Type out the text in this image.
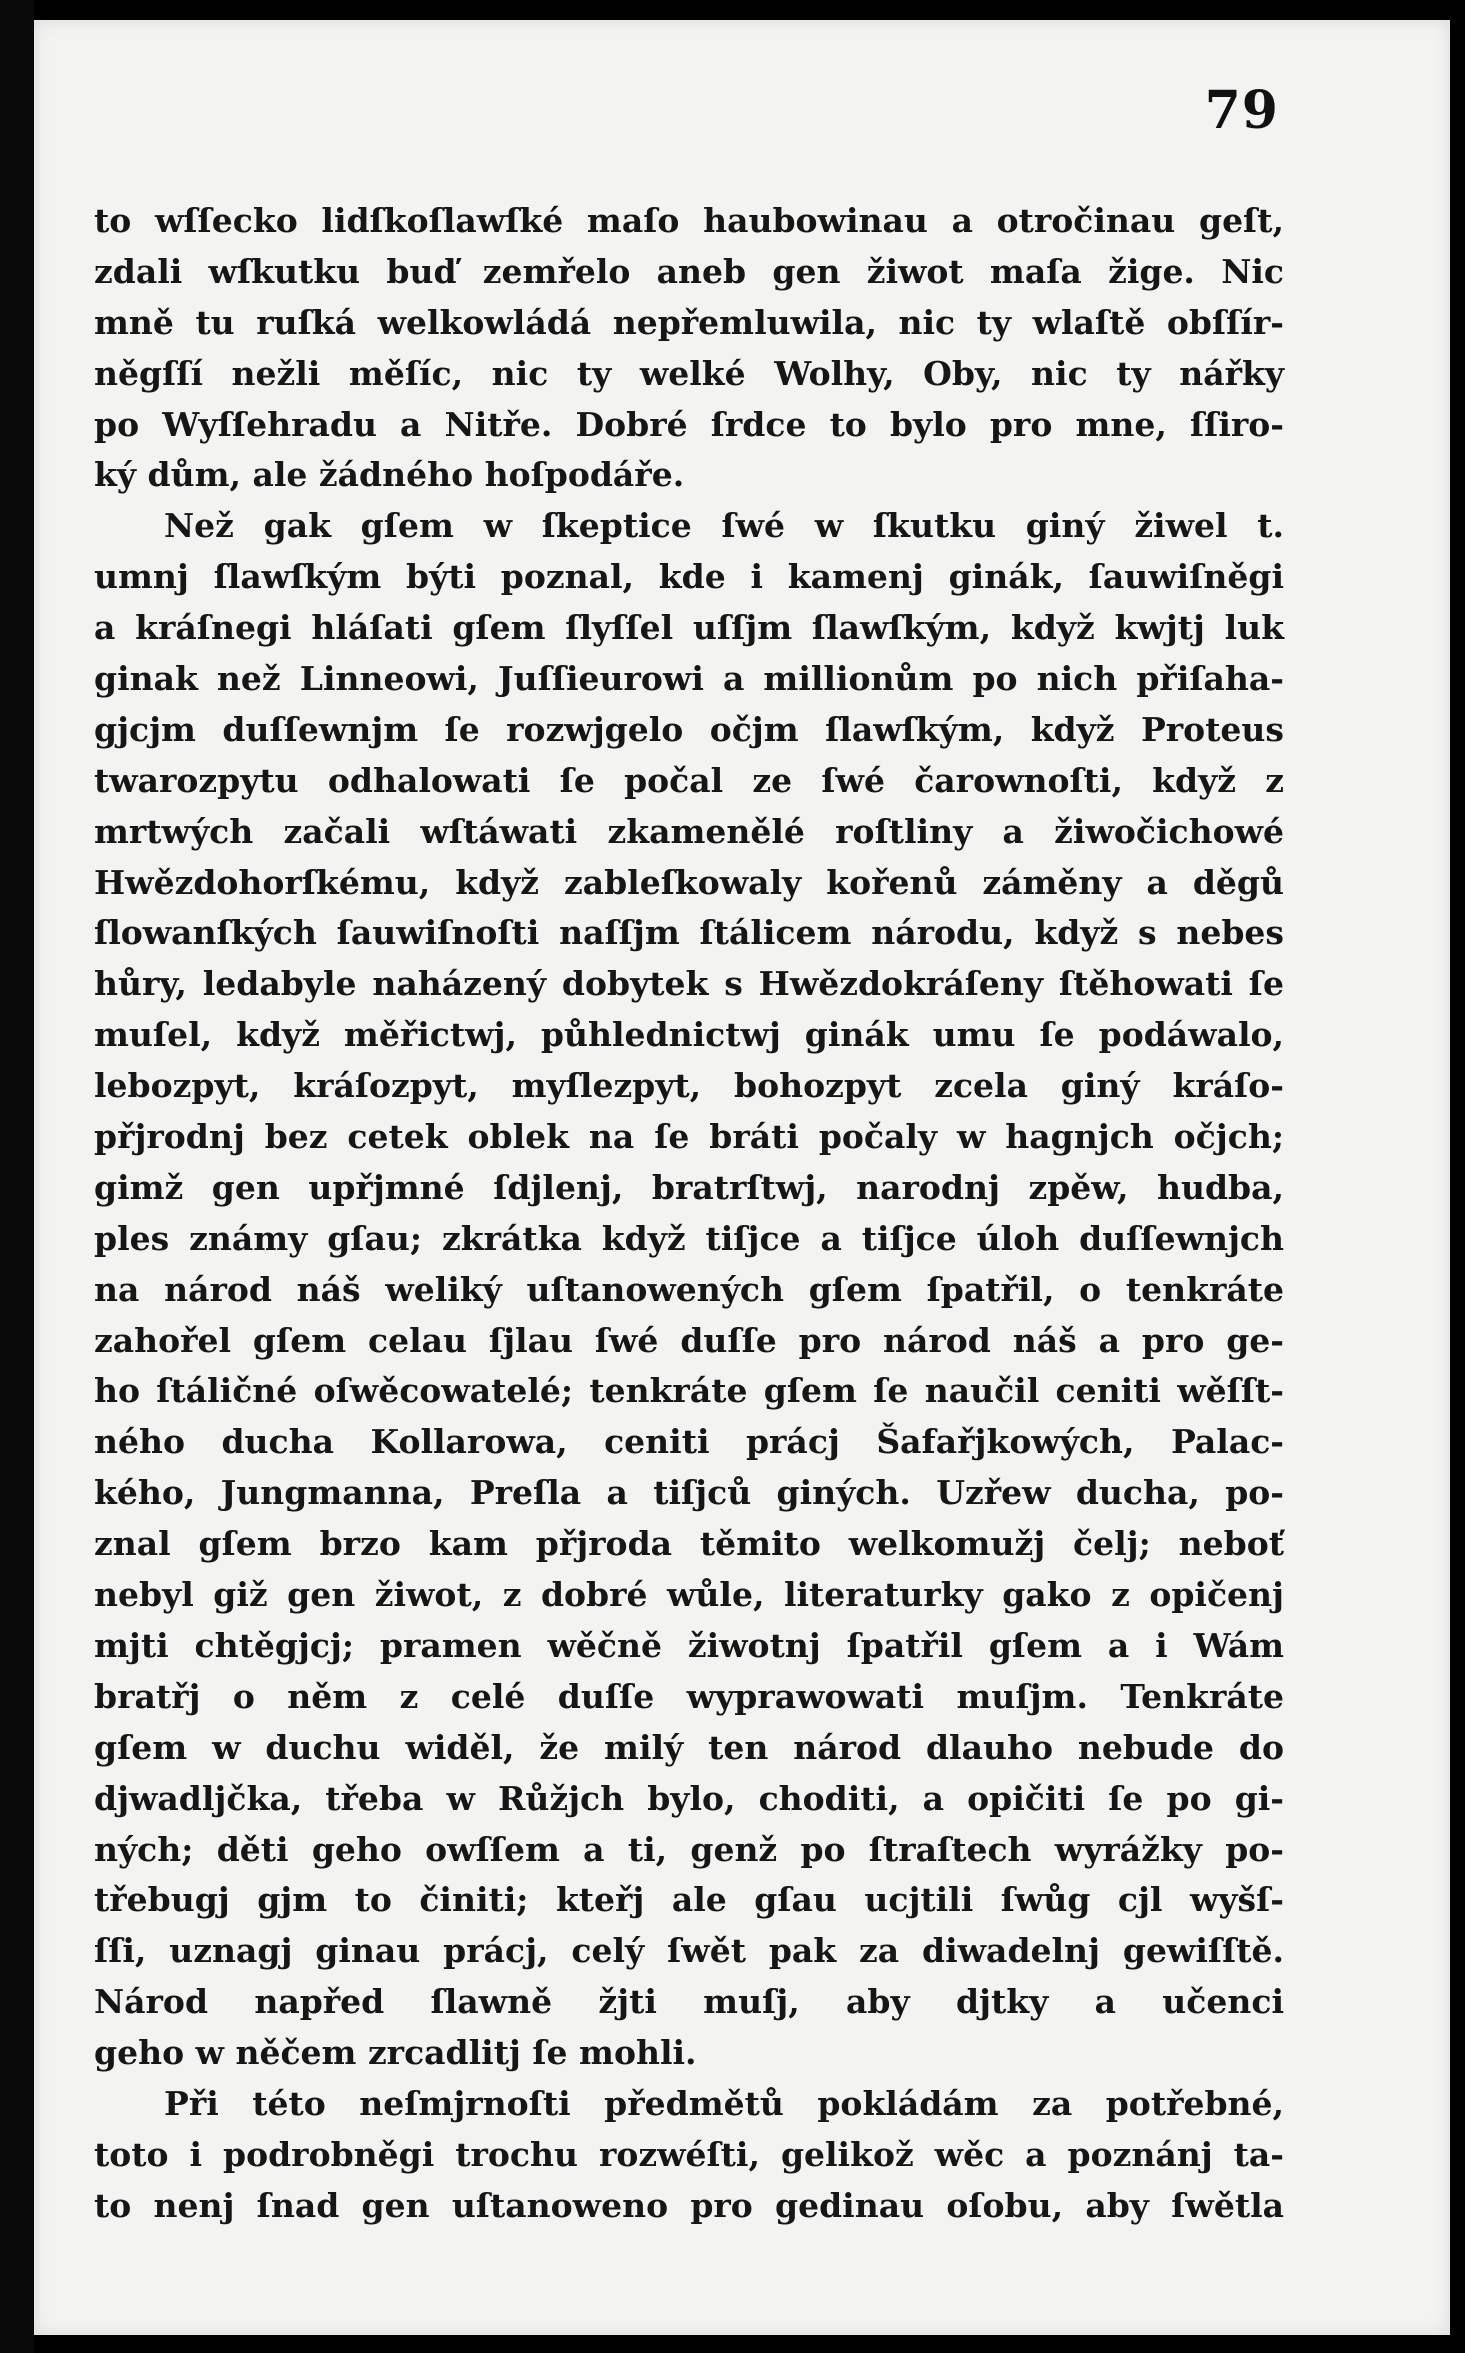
79
to wſſecko lidſkoſlawſké maſo haubowinau a otročinau geſt,
zdali wſkutku buď zemřelo aneb gen žiwot maſa žige. Nic
mně tu ruſká welkowládá nepřemluwila, nic ty wlaſtě obſſír-
něgſſí nežli měſíc, nic ty welké Wolhy, Oby, nic ty nářky
po Wyſſehradu a Nitře. Dobré ſrdce to bylo pro mne, ſſiro-
ký dům, ale žádného hoſpodáře.
Než gak gſem w ſkeptice ſwé w ſkutku giný žiwel t.
umnj ſlawſkým býti poznal, kde i kamenj ginák, ſauwiſněgi
a kráſnegi hláſati gſem ſlyſſel uſſjm ſlawſkým, když kwjtj luk
ginak než Linneowi, Juſſieurowi a millionům po nich přiſaha-
gjcjm duſſewnjm ſe rozwjgelo očjm ſlawſkým, když Proteus
twarozpytu odhalowati ſe počal ze ſwé čarownoſti, když z
mrtwých začali wſtáwati zkamenělé roſtliny a žiwočichowé
Hwězdohorſkému, když zableſkowaly kořenů záměny a děgů
ſlowanſkých ſauwiſnoſti naſſjm ſtálicem národu, když s nebes
hůry, ledabyle naházený dobytek s Hwězdokráſeny ſtěhowati ſe
muſel, když měřictwj, půhlednictwj ginák umu ſe podáwalo,
lebozpyt, kráſozpyt, myſlezpyt, bohozpyt zcela giný kráſo-
přjrodnj bez cetek oblek na ſe bráti počaly w hagnjch očjch;
gimž gen upřjmné ſdjlenj, bratrſtwj, narodnj zpěw, hudba,
ples známy gſau; zkrátka když tiſjce a tiſjce úloh duſſewnjch
na národ náš weliký uſtanowených gſem ſpatřil, o tenkráte
zahořel gſem celau ſjlau ſwé duſſe pro národ náš a pro ge-
ho ſtáličné oſwěcowatelé; tenkráte gſem ſe naučil ceniti wěſſt-
ného ducha Kollarowa, ceniti prácj Šafařjkowých, Palac-
kého, Jungmanna, Preſla a tiſjců giných. Uzřew ducha, po-
znal gſem brzo kam přjroda těmito welkomužj čelj; neboť
nebyl giž gen žiwot, z dobré wůle, literaturky gako z opičenj
mjti chtěgjcj; pramen wěčně žiwotnj ſpatřil gſem a i Wám
bratřj o něm z celé duſſe wyprawowati muſjm. Tenkráte
gſem w duchu widěl, že milý ten národ dlauho nebude do
djwadljčka, třeba w Růžjch bylo, choditi, a opičiti ſe po gi-
ných; děti geho owſſem a ti, genž po ſtraſtech wyrážky po-
třebugj gjm to činiti; kteřj ale gſau ucjtili ſwůg cjl wyšſ-
ſſi, uznagj ginau prácj, celý ſwět pak za diwadelnj gewiſſtě.
Národ napřed ſlawně žjti muſj, aby djtky a učenci
geho w něčem zrcadlitj ſe mohli.
Při této neſmjrnoſti předmětů pokládám za potřebné,
toto i podrobněgi trochu rozwéſti, gelikož wěc a poznánj ta-
to nenj ſnad gen uſtanoweno pro gedinau oſobu, aby ſwětla
